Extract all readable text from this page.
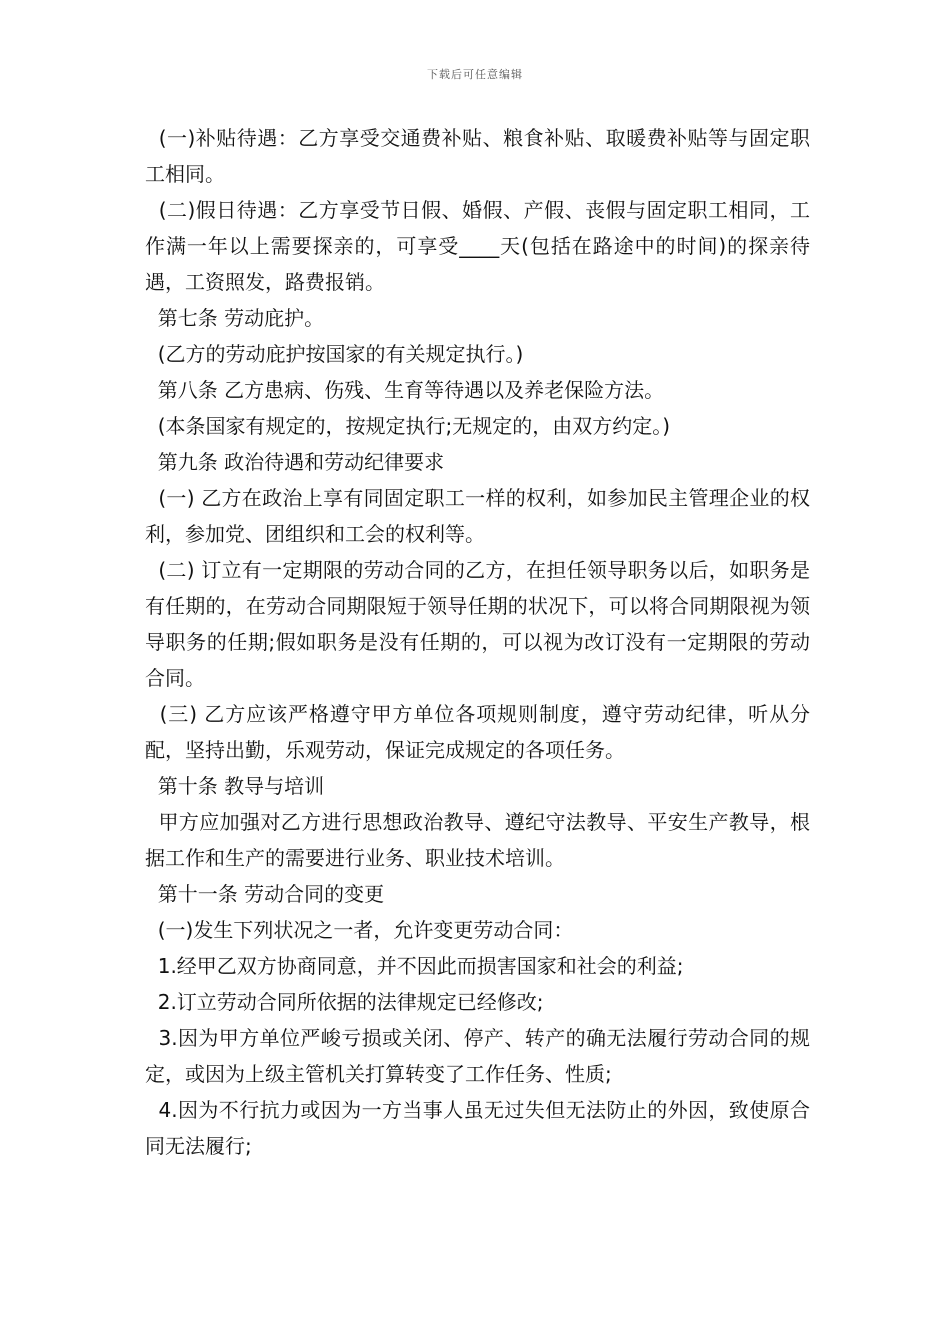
下载后可任意编辑

(一)补贴待遇：乙方享受交通费补贴、粮食补贴、取暖费补贴等与固定职工相同。

(二)假日待遇：乙方享受节日假、婚假、产假、丧假与固定职工相同，工作满一年以上需要探亲的，可享受____天(包括在路途中的时间)的探亲待遇，工资照发，路费报销。

第七条 劳动庇护。

(乙方的劳动庇护按国家的有关规定执行。)

第八条 乙方患病、伤残、生育等待遇以及养老保险方法。

(本条国家有规定的，按规定执行;无规定的，由双方约定。)

第九条 政治待遇和劳动纪律要求

(一) 乙方在政治上享有同固定职工一样的权利，如参加民主管理企业的权利，参加党、团组织和工会的权利等。

(二) 订立有一定期限的劳动合同的乙方，在担任领导职务以后，如职务是有任期的，在劳动合同期限短于领导任期的状况下，可以将合同期限视为领导职务的任期;假如职务是没有任期的，可以视为改订没有一定期限的劳动合同。

(三) 乙方应该严格遵守甲方单位各项规则制度，遵守劳动纪律，听从分配，坚持出勤，乐观劳动，保证完成规定的各项任务。

第十条 教导与培训

甲方应加强对乙方进行思想政治教导、遵纪守法教导、平安生产教导，根据工作和生产的需要进行业务、职业技术培训。

第十一条 劳动合同的变更

(一)发生下列状况之一者，允许变更劳动合同：

1.经甲乙双方协商同意，并不因此而损害国家和社会的利益;

2.订立劳动合同所依据的法律规定已经修改;

3.因为甲方单位严峻亏损或关闭、停产、转产的确无法履行劳动合同的规定，或因为上级主管机关打算转变了工作任务、性质;

4.因为不行抗力或因为一方当事人虽无过失但无法防止的外因，致使原合同无法履行;
